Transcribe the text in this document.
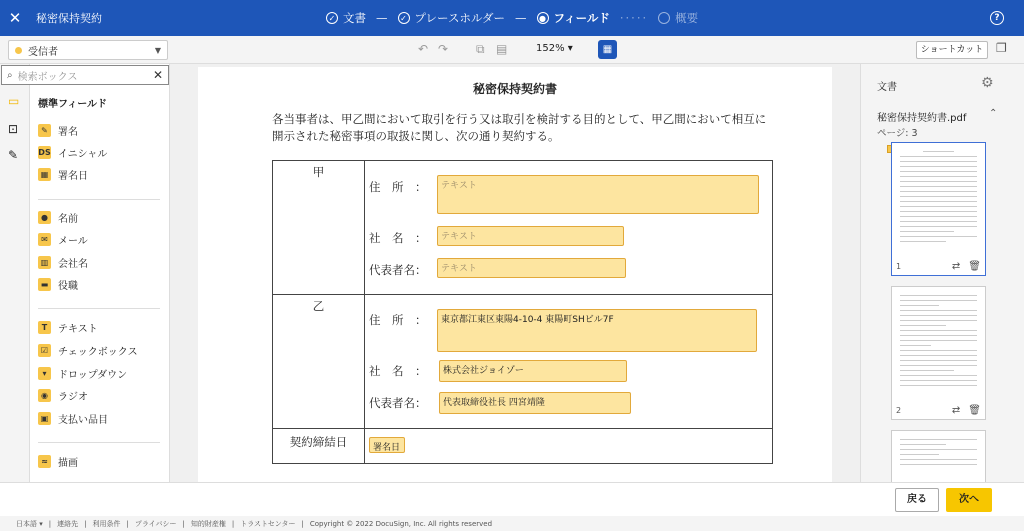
✕	秘密保持契約	✓ 文書 —	✓ プレースホルダー —	● フィールド ····· 概要	?
受信者	▼	↶ ↷ ⧉ ▤	152% ▾	▦	ショートカット	❐
▭
⊡
✎
⌕ 検索ボックス	✕
標準フィールド
✎	署名
DS イニシャル
▦ 署名日
●	名前
✉	メール
▥ 会社名
▬ 役職
T	テキスト
☑ チェックボックス
▾	ドロップダウン
◉	ラジオ
▣ 支払い品目
≈	描画
秘密保持契約書
各当事者は、甲乙間において取引を行う又は取引を検討する目的として、甲乙間において相互に開示された秘密事項の取扱に関し、次の通り契約する。
甲
住　所　：	テキスト
社　名　：	テキスト
代表者名：	テキスト
乙
住　所　：	東京都江東区東陽4-10-4 東陽町SHビル7F
社　名　：	株式会社ジョイゾー
代表者名：	代表取締役社長 四宮靖隆
契約締結日	署名日
文書	⚙
秘密保持契約書.pdf ⌃
ページ: 3
1	⇄ 🗑
2	⇄ 🗑
戻る	次へ
日本語 ▾ | 連絡先 | 利用条件 | プライバシー | 知的財産権 | トラストセンター | Copyright © 2022 DocuSign, Inc. All rights reserved
